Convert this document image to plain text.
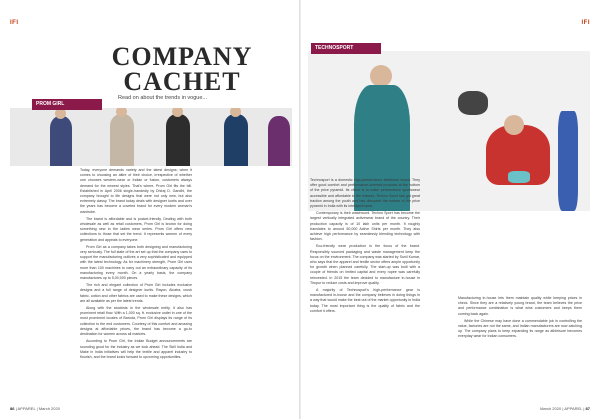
IFI	IFI
COMPANY
CACHET
Read on about the trends in vogue...
PROM GIRL
TECHNOSPORT

Today, everyone demands variety and the latest designs; when it comes to choosing an attire of their choice, irrespective of whether one chooses western-wear or Indian or fusion, customers always demand for the newest styles. That's where, Prom Girl fits the bill. Established in April 2006 single-handedly by Dhiraj D. Gandhi, the company brought to life designs that were not only new, but also extremely classy. The brand today deals with designer kurtis and over the years has become a coveted brand for every modern woman's wardrobe.

The brand is affordable and is pocket-friendly. Dealing with both wholesale as well as retail customers, Prom Girl is known for doing something new in the ladies wear series. Prom Girl offers new collections to those that set the trend. It represents women of every generation and appeals to everyone.

Prom Girl as a company takes both designing and manufacturing very seriously. The full state of the art set up that the company uses to support the manufacturing outlives a very sophisticated and equipped with the latest technology. As for machinery strength, Prom Girl uses more than 100 machines to carry out an extraordinary capacity of its manufacturing every month. On a yearly basis, the company manufactures up to 5,00,000 pieces.

The rich and elegant collection of Prom Girl includes exclusive designs and a full range of designer kurtis. Rayon, Alcatra, crush fabric, cotton and other fabrics are used to make these designs, which are all available as per the latest trends.

Along with the stockists in the wholesale entity, it also has prominent retail flow. With a 1,000 sq. ft. exclusive outlet in one of the most prominent locales of Baroda, Prom Girl displays its range of its collection to the end customers. Courtesy of this comfort and amazing designs at affordable prices, the brand has become a go-to destination for women across all markets.

According to Prom Girl, the Indian Budget announcements are sounding good for the industry as we look ahead. The Skill India and Make in India initiatives will help the textile and apparel industry to flourish, and the brand looks forward to upcoming opportunities.

Technosport is a domestic high-performance athleisure brand. They offer good comfort and performance-oriented products at the bottom of the price pyramid. Its vision is to make performance sportswear accessible and affordable to the masses. Techno Sport has got great traction among the youth and has disrupted the bottom of the price pyramid in India with its intelligent wear.

Contemporary is their watchword. Techno Sport has become the largest vertically integrated activewear brand of the country. Their production capacity is of 10 lakh units per month. It roughly translates to around 50,000 Active Shirts per month. They also achieve high performance by seamlessly blending technology with fashion.

Eco-friendly wear production is the focus of the brand. Responsibly sourced packaging and waste management keep the focus on the environment. The company was started by Sunil Kumar, who says that the apparel and textile sector offers ample opportunity for growth when planned carefully. The start-up was built with a couple of friends on limited capital and every rupee was carefully reinvested. In 2015 the team decided to manufacture in-house in Tirupur to reduce costs and improve quality.

A majority of Technosport's high-performance gear is manufactured in-house and the company believes in doing things in a way that would make the best out of the market opportunity in India today. The most important thing is the quality of fabric and the comfort it offers.

Manufacturing in-house lets them maintain quality while keeping prices in check. Since they are a relatively young brand, the team believes the price and performance combination is what wins customers and keeps them coming back again.

While the Chinese may have done a commendable job in controlling the value, factories are not the same, and Indian manufacturers are now catching up. The company plans to keep expanding its range as athleisure becomes everyday wear for Indian consumers.

86 | APPAREL | March 2020	March 2020 | APPAREL | 87
